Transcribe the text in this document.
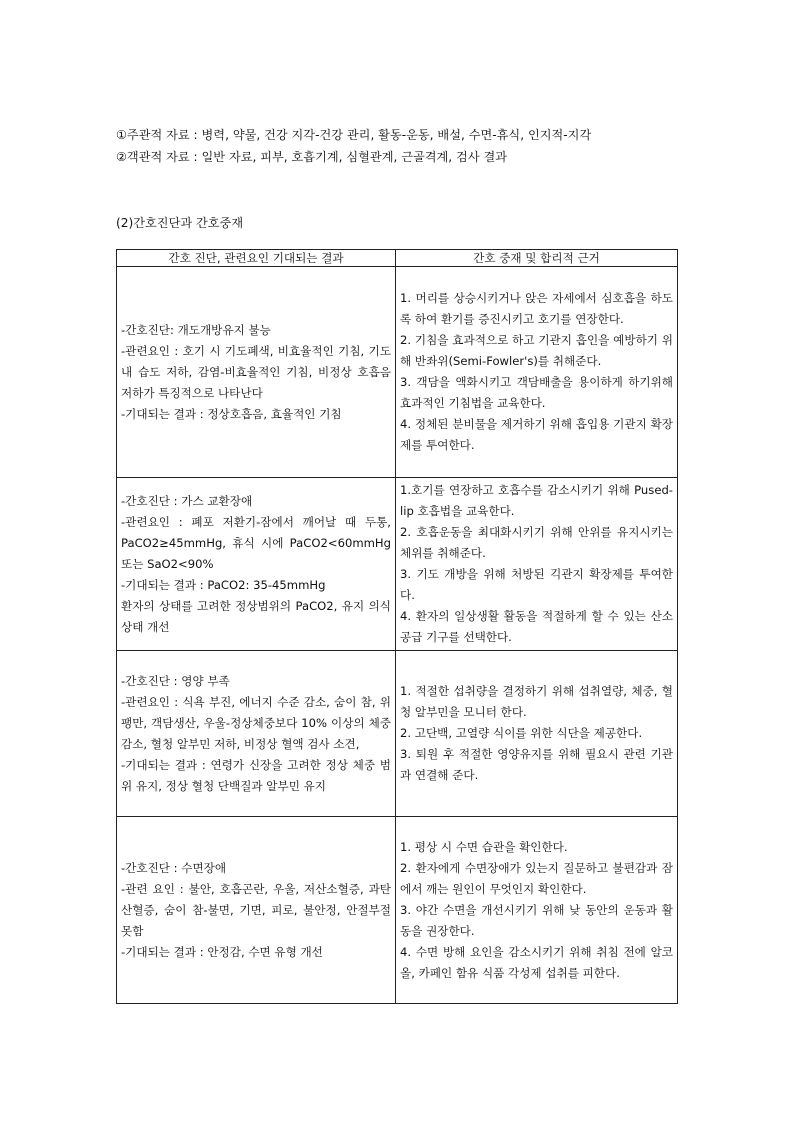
①주관적 자료 : 병력, 약물, 건강 지각-건강 관리, 활동-운동, 배설, 수면-휴식, 인지적-지각

②객관적 자료 : 일반 자료, 피부, 호흡기계, 심혈관계, 근골격계, 검사 결과

(2)간호진단과 간호중재
간호 진단, 관련요인 기대되는 결과	간호 중재 및 합리적 근거

-간호진단: 개도개방유지 불능
-관련요인 : 호기 시 기도폐색, 비효율적인 기침, 기도내 습도 저하, 감염-비효율적인 기침, 비정상 호흡음 저하가 특징적으로 나타난다
-기대되는 결과 : 정상호흡음, 효율적인 기침	1. 머리를 상승시키거나 앉은 자세에서 심호흡을 하도록 하여 환기를 증진시키고 호기를 연장한다.
2. 기침을 효과적으로 하고 기관지 흡인을 예방하기 위해 반좌위(Semi-Fowler's)를 취해준다.
3. 객담을 액화시키고 객담배출을 용이하게 하기위해 효과적인 기침법을 교육한다.
4. 정체된 분비물을 제거하기 위해 흡입용 기관지 확장제를 투여한다.

-간호진단 : 가스 교환장애
-관련요인 : 폐포 저환기-잠에서 깨어날 때 두통, PaCO2≥45mmHg, 휴식 시에 PaCO2<60mmHg 또는 SaO2<90%
-기대되는 결과 : PaCO2: 35-45mmHg
환자의 상태를 고려한 정상범위의 PaCO2, 유지 의식 상태 개선	1.호기를 연장하고 호흡수를 감소시키기 위해 Pused-lip 호흡법을 교육한다.
2. 호흡운동을 최대화시키기 위해 안위를 유지시키는 체위를 취해준다.
3. 기도 개방을 위해 처방된 긱관지 확장제를 투여한다.
4. 환자의 일상생활 활동을 적절하게 할 수 있는 산소공급 기구를 선택한다.

-간호진단 : 영양 부족
-관련요인 : 식욕 부진, 에너지 수준 감소, 숨이 참, 위팽만, 객담생산, 우울-정상체중보다 10% 이상의 체중감소, 혈청 알부민 저하, 비정상 혈액 검사 소견,
-기대되는 결과 : 연령가 신장을 고려한 정상 체중 범위 유지, 정상 혈청 단백질과 알부민 유지	1. 적절한 섭취량을 결정하기 위해 섭취열량, 체중, 혈청 알부민을 모니터 한다.
2. 고단백, 고열량 식이를 위한 식단을 제공한다.
3. 퇴원 후 적절한 영양유지를 위해 필요시 관련 기관과 연결해 준다.

-간호진단 : 수면장애
-관련 요인 : 불안, 호흡곤란, 우울, 저산소혈증, 과탄산혈증, 숨이 참-불면, 기면, 피로, 불안정, 안절부절 못함
-기대되는 결과 : 안정감, 수면 유형 개선	1. 평상 시 수면 습관을 확인한다.
2. 환자에게 수면장애가 있는지 질문하고 불편감과 잠에서 깨는 원인이 무엇인지 확인한다.
3. 야간 수면을 개선시키기 위해 낮 동안의 운동과 활동을 권장한다.
4. 수면 방해 요인을 감소시키기 위해 취침 전에 알코올, 카페인 함유 식품 각성제 섭취를 피한다.
